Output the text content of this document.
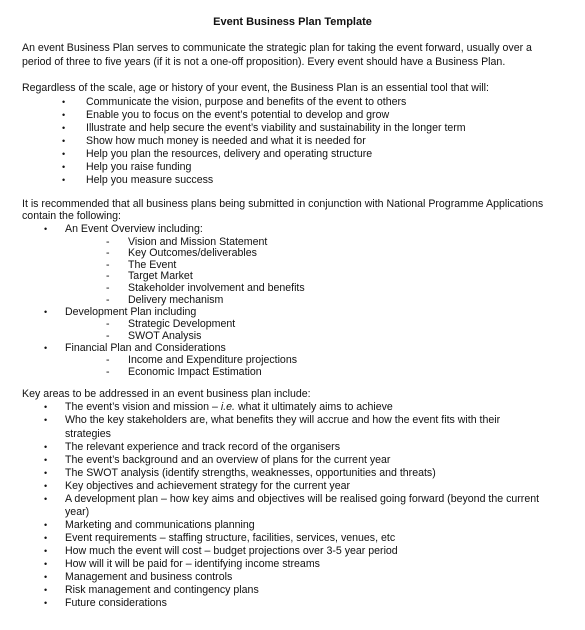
Event Business Plan Template
An event Business Plan serves to communicate the strategic plan for taking the event forward, usually over a
period of three to five years (if it is not a one-off proposition). Every event should have a Business Plan.
Regardless of the scale, age or history of your event, the Business Plan is an essential tool that will:
• Communicate the vision, purpose and benefits of the event to others
• Enable you to focus on the event’s potential to develop and grow
• Illustrate and help secure the event’s viability and sustainability in the longer term
• Show how much money is needed and what it is needed for
• Help you plan the resources, delivery and operating structure
• Help you raise funding
• Help you measure success
It is recommended that all business plans being submitted in conjunction with National Programme Applications
contain the following:
• An Event Overview including:
- Vision and Mission Statement
- Key Outcomes/deliverables
- The Event
- Target Market
- Stakeholder involvement and benefits
- Delivery mechanism
• Development Plan including
- Strategic Development
- SWOT Analysis
• Financial Plan and Considerations
- Income and Expenditure projections
- Economic Impact Estimation
Key areas to be addressed in an event business plan include:
• The event’s vision and mission – i.e. what it ultimately aims to achieve
• Who the key stakeholders are, what benefits they will accrue and how the event fits with their
strategies
• The relevant experience and track record of the organisers
• The event’s background and an overview of plans for the current year
• The SWOT analysis (identify strengths, weaknesses, opportunities and threats)
• Key objectives and achievement strategy for the current year
• A development plan – how key aims and objectives will be realised going forward (beyond the current
year)
• Marketing and communications planning
• Event requirements – staffing structure, facilities, services, venues, etc
• How much the event will cost – budget projections over 3-5 year period
• How will it will be paid for – identifying income streams
• Management and business controls
• Risk management and contingency plans
• Future considerations
